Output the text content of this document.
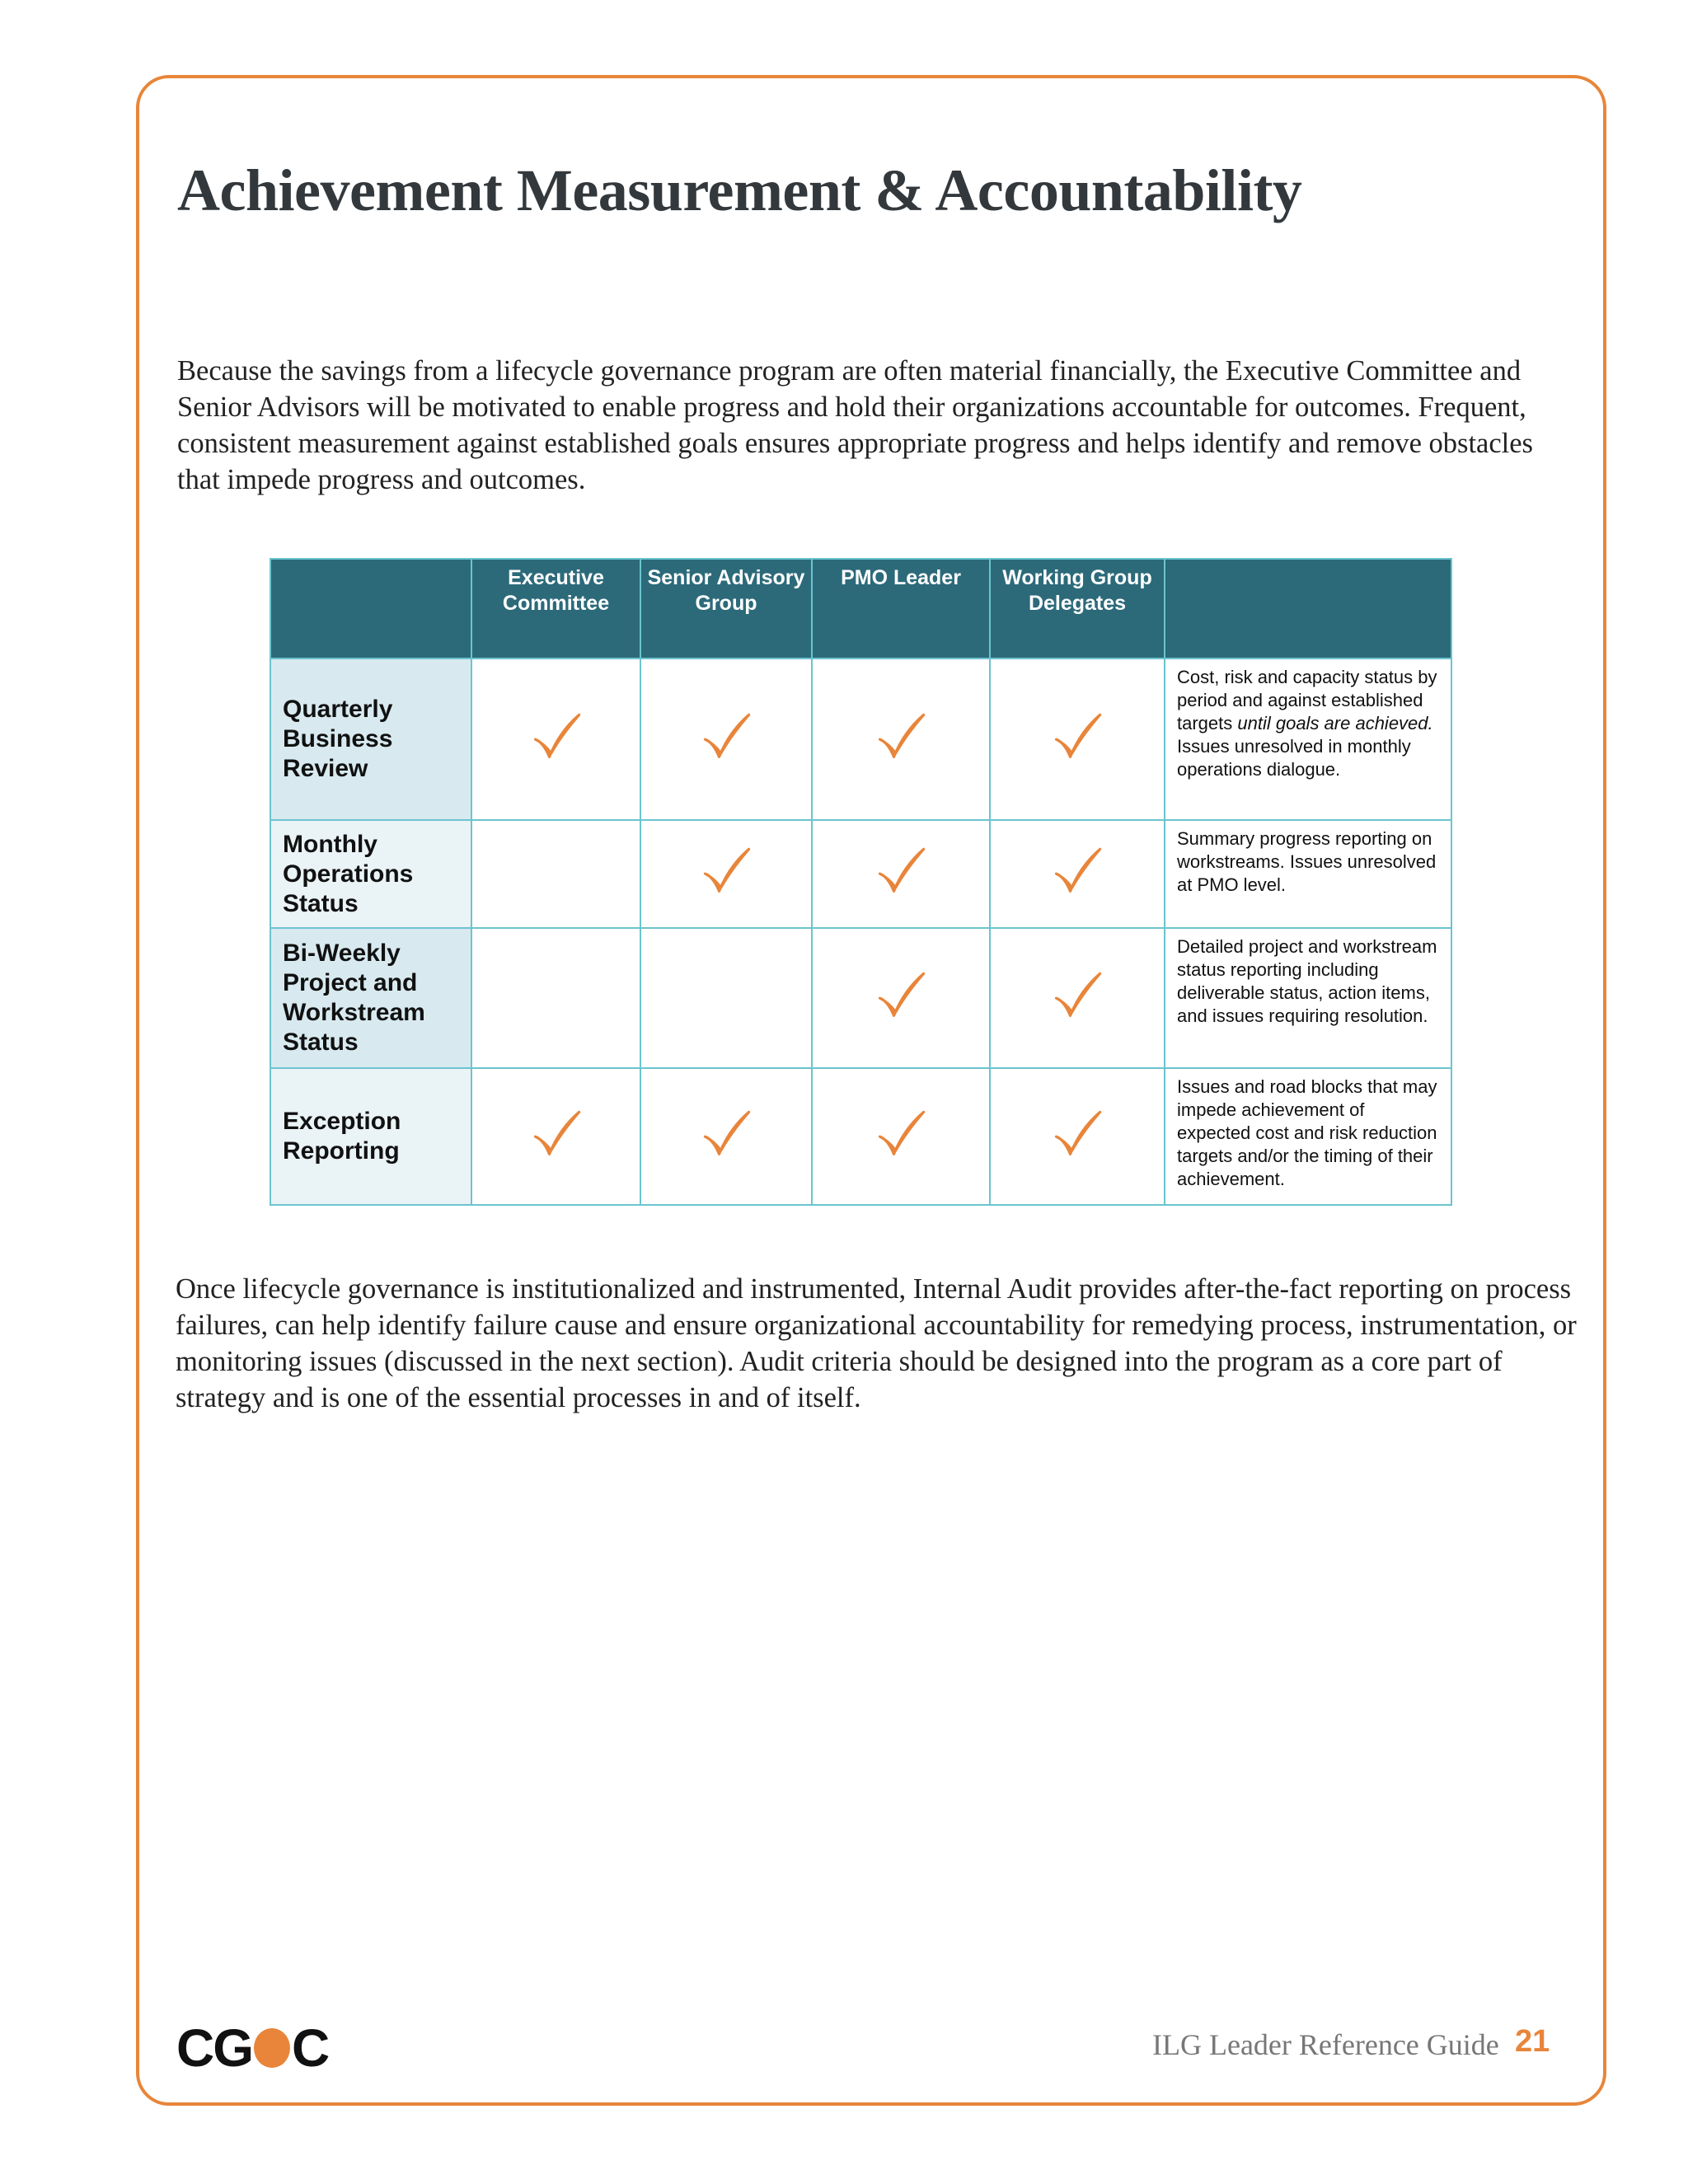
Achievement Measurement & Accountability

Because the savings from a lifecycle governance program are often material financially, the Executive Committee and Senior Advisors will be motivated to enable progress and hold their organizations accountable for outcomes. Frequent, consistent measurement against established goals ensures appropriate progress and helps identify and remove obstacles that impede progress and outcomes.

	Executive Committee	Senior Advisory Group	PMO Leader	Working Group Delegates	
Quarterly Business Review					Cost, risk and capacity status by period and against established targets until goals are achieved. Issues unresolved in monthly operations dialogue.
Monthly Operations Status					Summary progress reporting on workstreams. Issues unresolved at PMO level.
Bi-Weekly Project and Workstream Status					Detailed project and workstream status reporting including deliverable status, action items, and issues requiring resolution.
Exception Reporting					Issues and road blocks that may impede achievement of expected cost and risk reduction targets and/or the timing of their achievement.

Once lifecycle governance is institutionalized and instrumented, Internal Audit provides after-the-fact reporting on process failures, can help identify failure cause and ensure organizational accountability for remedying process, instrumentation, or monitoring issues (discussed in the next section). Audit criteria should be designed into the program as a core part of strategy and is one of the essential processes in and of itself.

CG C	ILG Leader Reference Guide 21
